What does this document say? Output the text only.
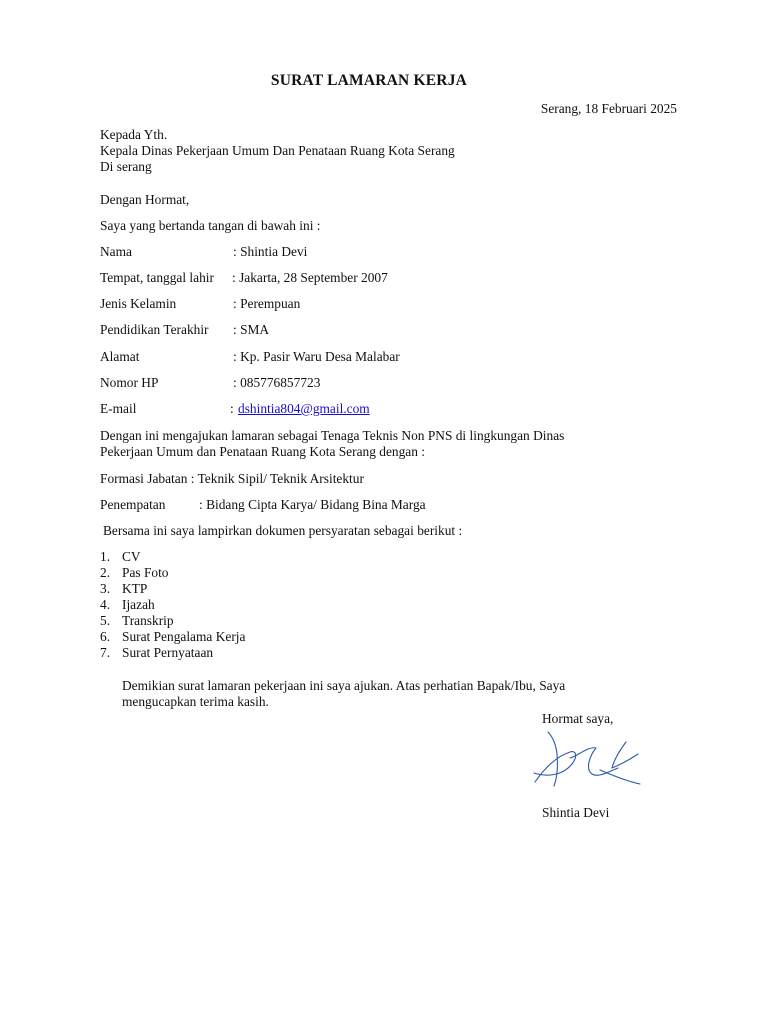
SURAT LAMARAN KERJA
Serang, 18 Februari 2025
Kepada Yth.
Kepala Dinas Pekerjaan Umum Dan Penataan Ruang Kota Serang
Di serang
Dengan Hormat,
Saya yang bertanda tangan di bawah ini :
Nama	: Shintia Devi
Tempat, tanggal lahir : Jakarta, 28 September 2007
Jenis Kelamin	: Perempuan
Pendidikan Terakhir : SMA
Alamat	: Kp. Pasir Waru Desa Malabar
Nomor HP	: 085776857723
E-mail	: dshintia804@gmail.com
Dengan ini mengajukan lamaran sebagai Tenaga Teknis Non PNS di lingkungan Dinas
Pekerjaan Umum dan Penataan Ruang Kota Serang dengan :
Formasi Jabatan : Teknik Sipil/ Teknik Arsitektur
Penempatan	: Bidang Cipta Karya/ Bidang Bina Marga
Bersama ini saya lampirkan dokumen persyaratan sebagai berikut :
1. CV
2. Pas Foto
3. KTP
4. Ijazah
5. Transkrip
6. Surat Pengalama Kerja
7. Surat Pernyataan
Demikian surat lamaran pekerjaan ini saya ajukan. Atas perhatian Bapak/Ibu, Saya
mengucapkan terima kasih.
Hormat saya,
Shintia Devi
